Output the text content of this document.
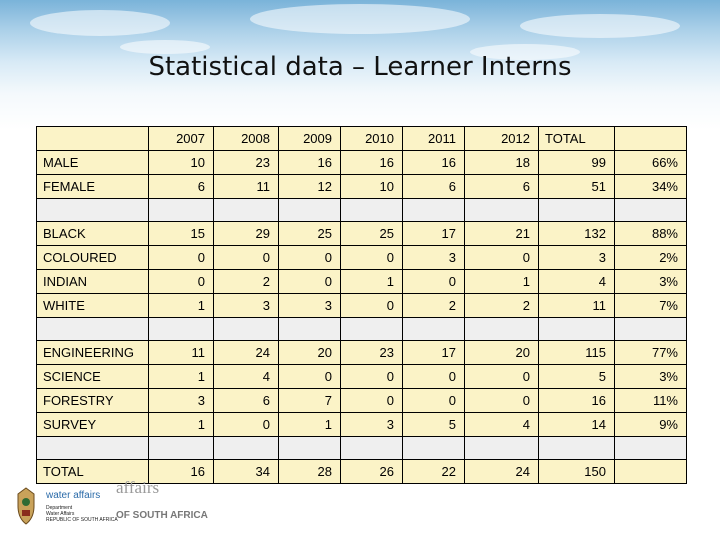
Statistical data – Learner Interns
	2007	2008	2009	2010	2011	2012	TOTAL	
MALE	10	23	16	16	16	18	99	66%
FEMALE	6	11	12	10	6	6	51	34%

BLACK	15	29	25	25	17	21	132	88%
COLOURED	0	0	0	0	3	0	3	2%
INDIAN	0	2	0	1	0	1	4	3%
WHITE	1	3	3	0	2	2	11	7%

ENGINEERING	11	24	20	23	17	20	115	77%
SCIENCE	1	4	0	0	0	0	5	3%
FORESTRY	3	6	7	0	0	0	16	11%
SURVEY	1	0	1	3	5	4	14	9%

TOTAL	16	34	28	26	22	24	150	
affairs
OF SOUTH AFRICA
water affairs
Department
Water Affairs
REPUBLIC OF SOUTH AFRICA
